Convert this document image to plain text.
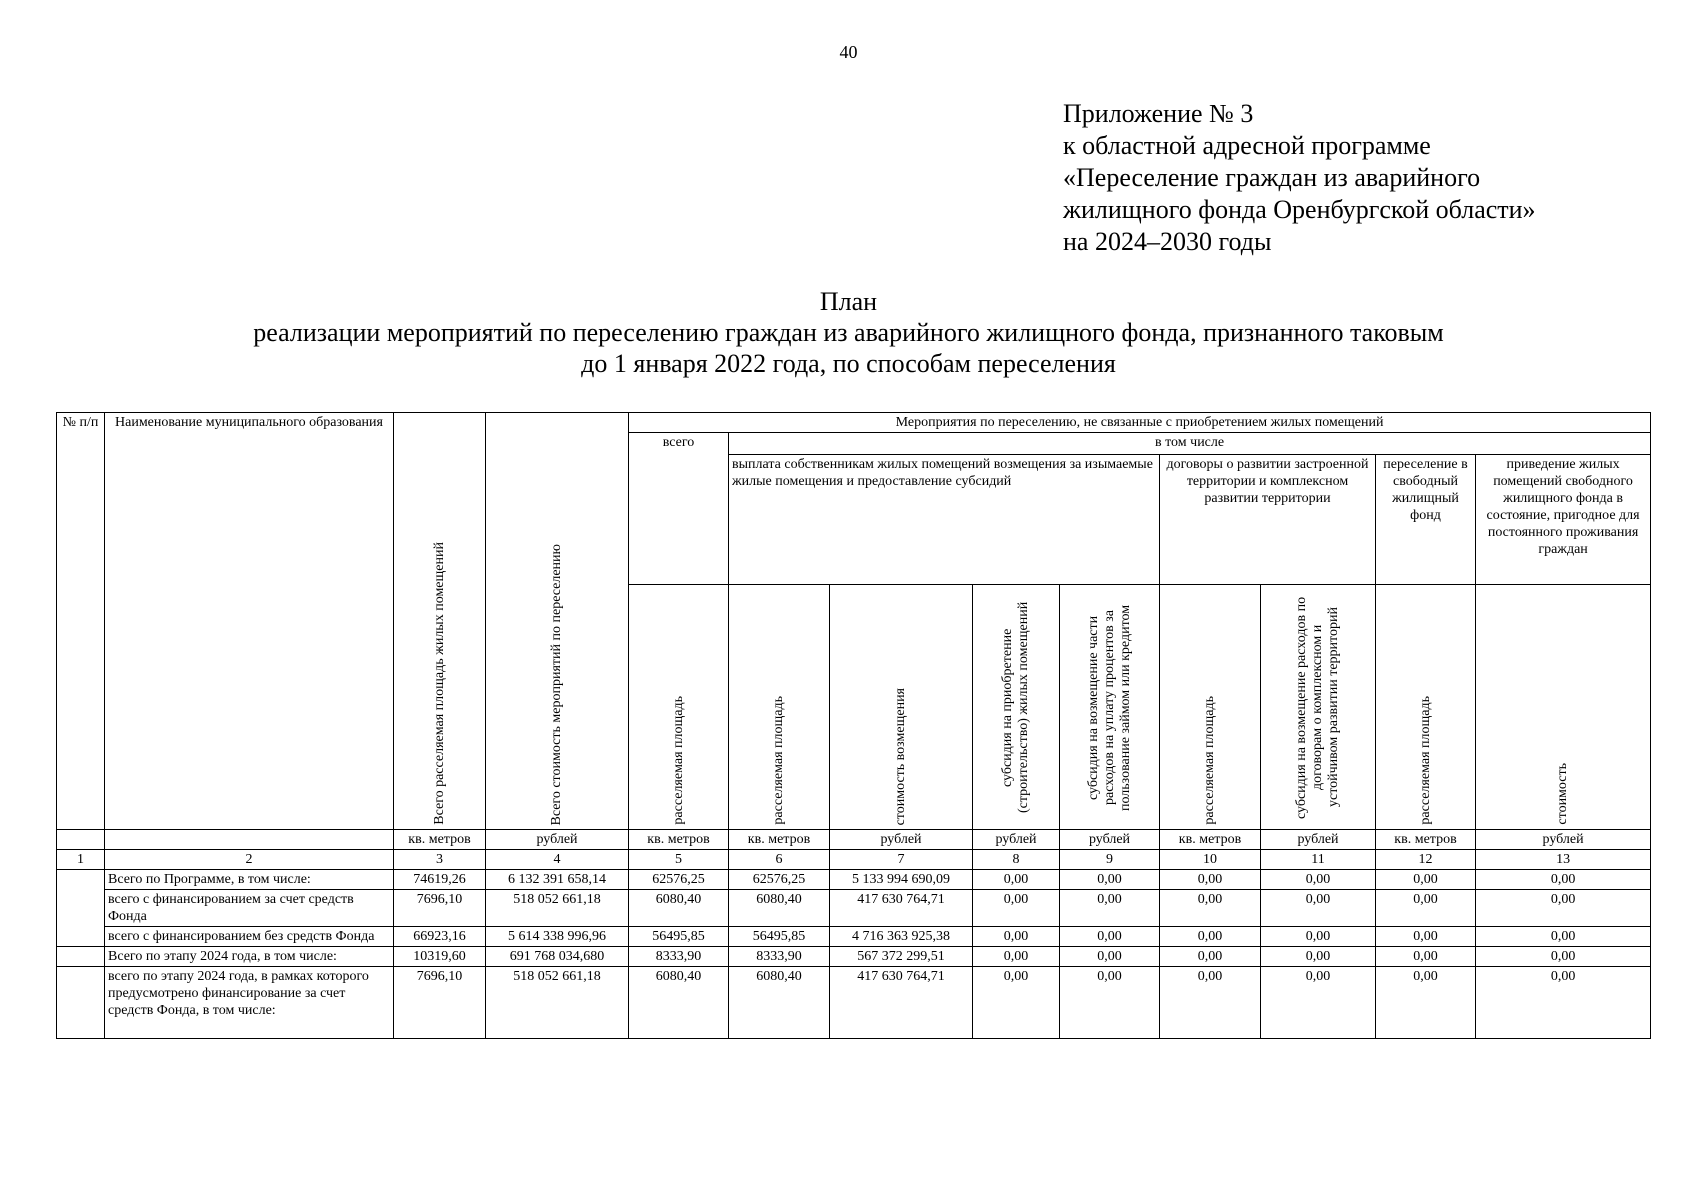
40
Приложение № 3
к областной адресной программе
«Переселение граждан из аварийного
жилищного фонда Оренбургской области»
на 2024–2030 годы
План
реализации мероприятий по переселению граждан из аварийного жилищного фонда, признанного таковым
до 1 января 2022 года, по способам переселения
№ п/п	Наименование муниципального образования	Всего расселяемая площадь жилых помещений	Всего стоимость мероприятий по переселению	Мероприятия по переселению, не связанные с приобретением жилых помещений								
				всего	в том числе							
					выплата собственникам жилых помещений возмещения за изымаемые жилые помещения и предоставление субсидий				договоры о развитии застроенной территории и комплексном развитии территории		переселение в свободный жилищный фонд	приведение жилых помещений свободного жилищного фонда в состояние, пригодное для постоянного проживания граждан

				расселяемая площадь	расселяемая площадь	стоимость возмещения	субсидия на приобретение (строительство) жилых помещений	субсидия на возмещение части расходов на уплату процентов за пользование займом или кредитом	расселяемая площадь	субсидия на возмещение расходов по договорам о комплексном и устойчивом развитии территорий	расселяемая площадь	стоимость

		кв. метров	рублей	кв. метров	кв. метров	рублей	рублей	рублей	кв. метров	рублей	кв. метров	рублей
1	2	3	4	5	6	7	8	9	10	11	12	13
	Всего по Программе, в том числе:	74619,26	6 132 391 658,14	62576,25	62576,25	5 133 994 690,09	0,00	0,00	0,00	0,00	0,00	0,00
	всего с финансированием за счет средств Фонда	7696,10	518 052 661,18	6080,40	6080,40	417 630 764,71	0,00	0,00	0,00	0,00	0,00	0,00
	всего с финансированием без средств Фонда	66923,16	5 614 338 996,96	56495,85	56495,85	4 716 363 925,38	0,00	0,00	0,00	0,00	0,00	0,00
	Всего по этапу 2024 года, в том числе:	10319,60	691 768 034,680	8333,90	8333,90	567 372 299,51	0,00	0,00	0,00	0,00	0,00	0,00
	всего по этапу 2024 года, в рамках которого предусмотрено финансирование за счет средств Фонда, в том числе:	7696,10	518 052 661,18	6080,40	6080,40	417 630 764,71	0,00	0,00	0,00	0,00	0,00	0,00
